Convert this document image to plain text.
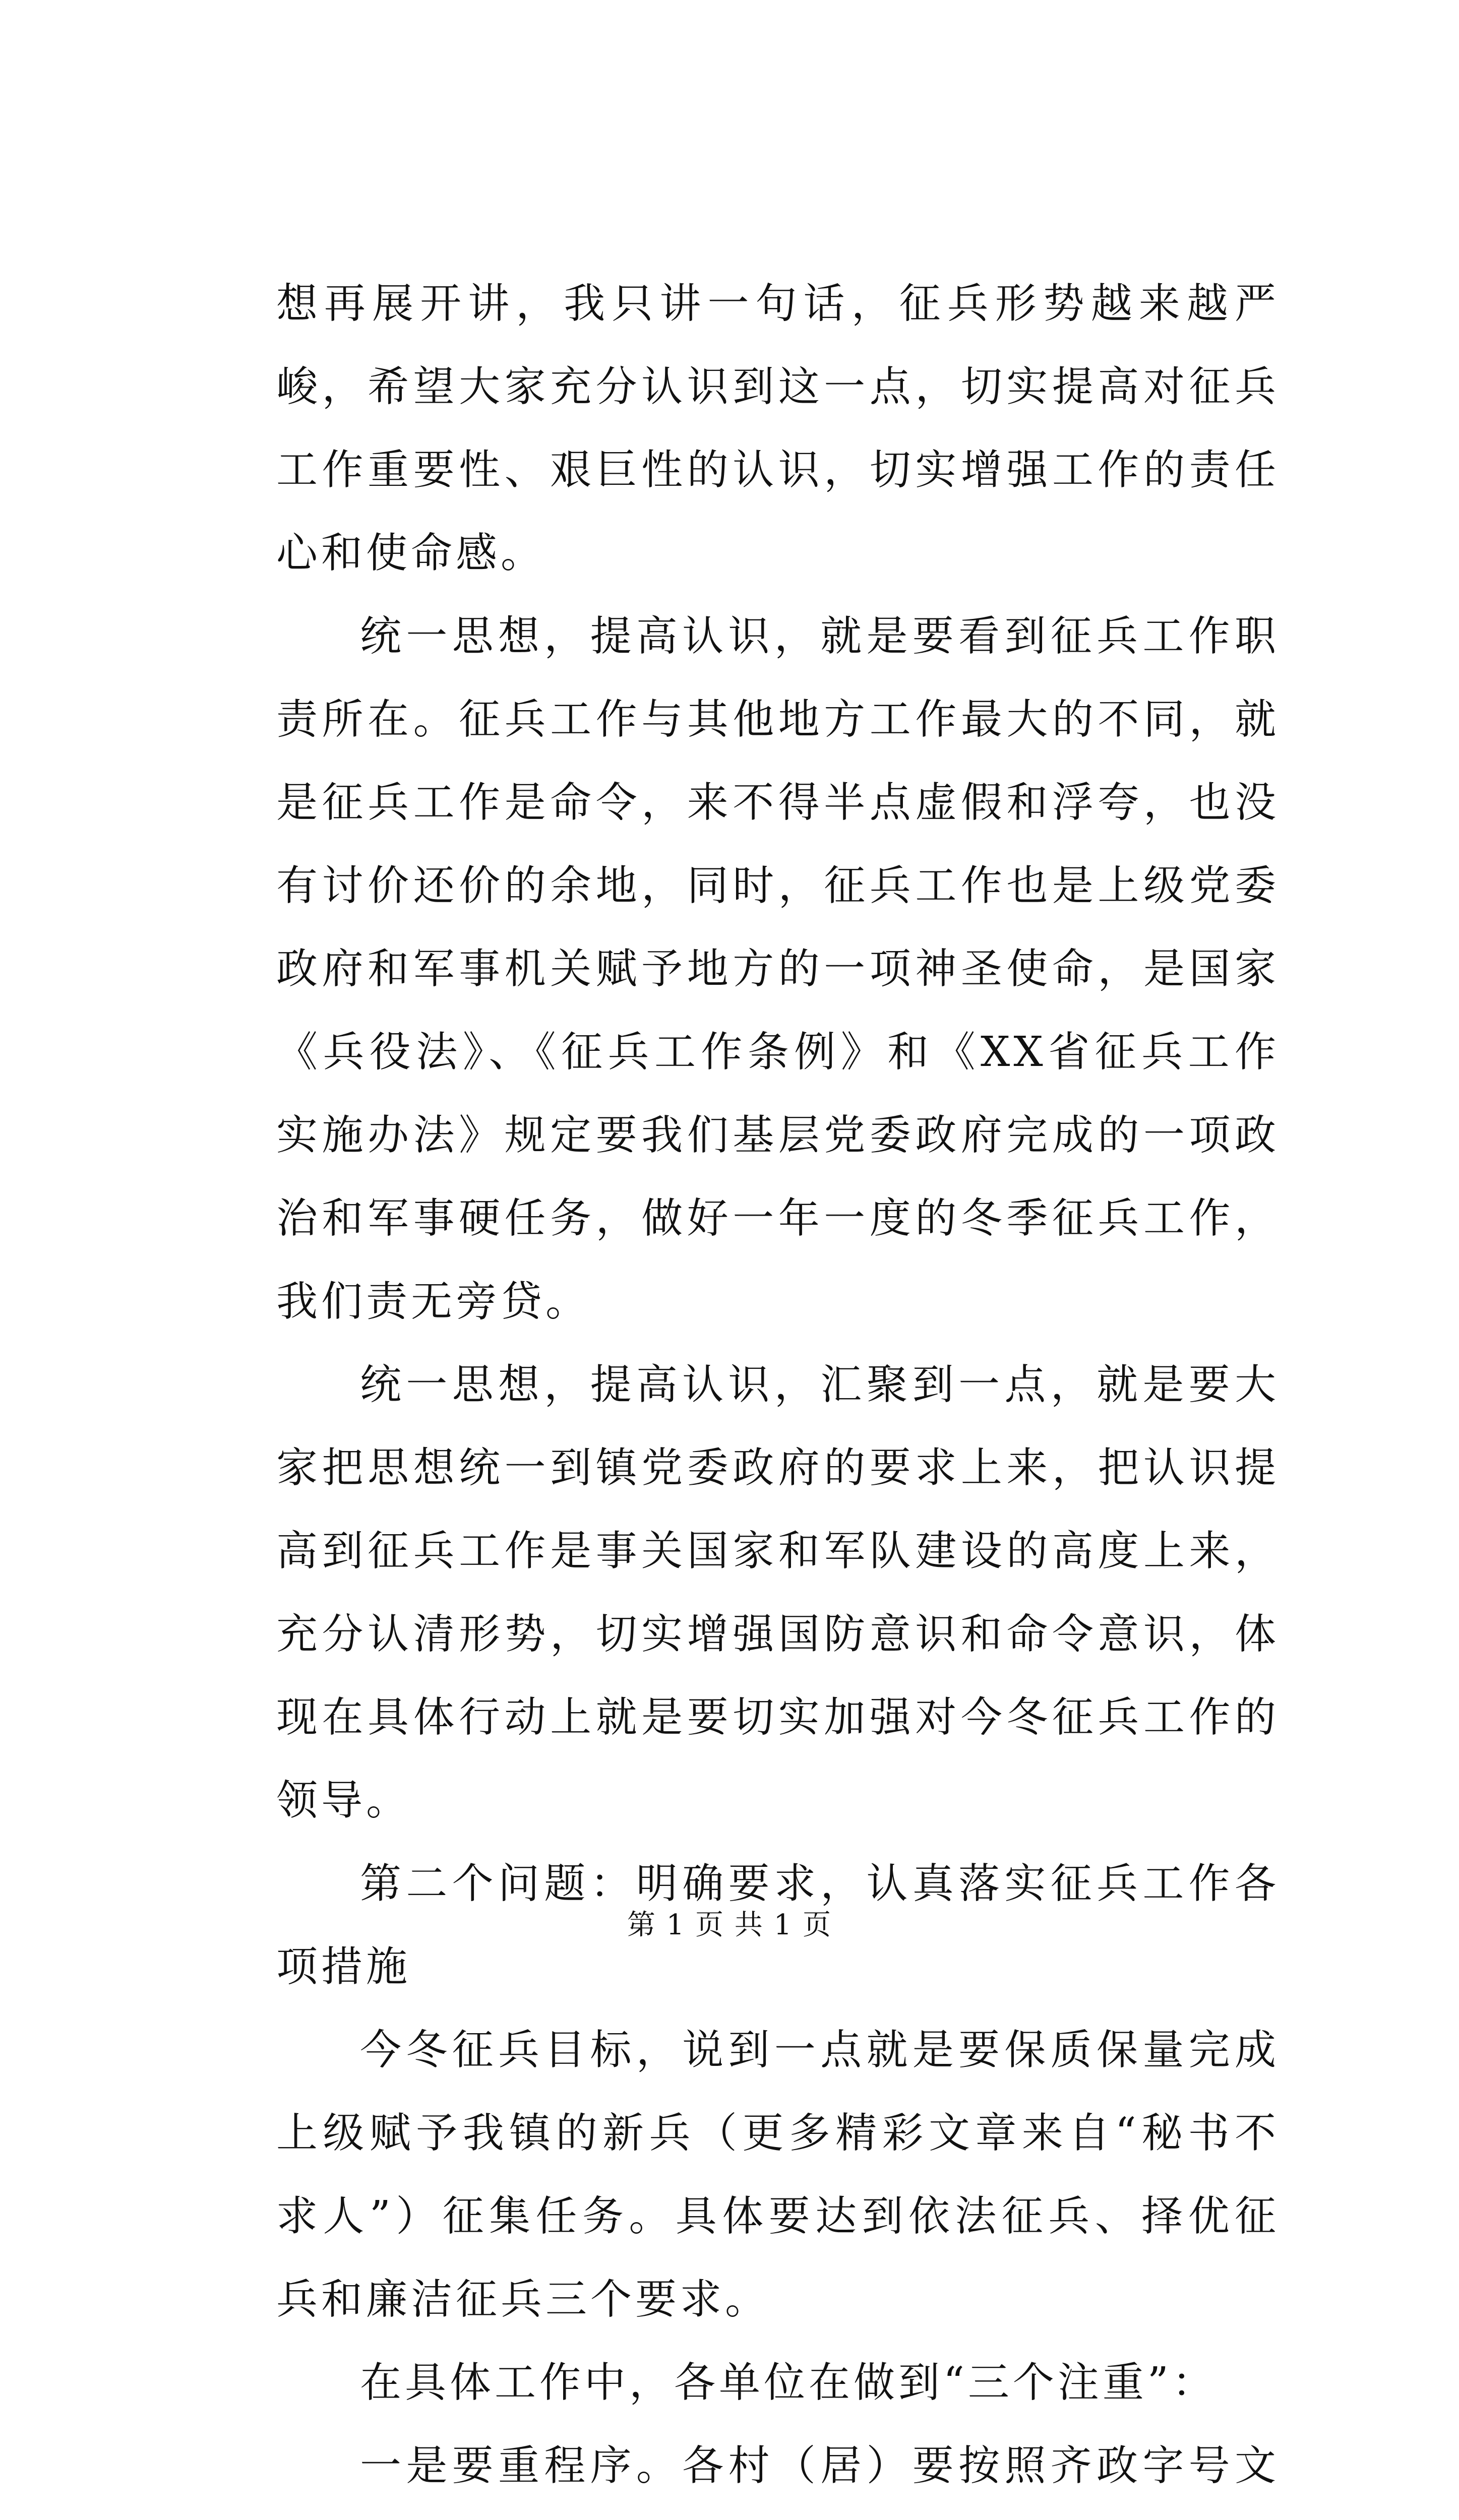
想再展开讲，我只讲一句话，征兵形势越来越严峻，希望大家充分认识到这一点，切实提高对征兵工作重要性、艰巨性的认识，切实增强工作的责任心和使命感。

统一思想，提高认识，就是要看到征兵工作职责所在。征兵工作与其他地方工作最大的不同，就是征兵工作是命令，来不得半点虚假和浮夸，也没有讨价还价的余地，同时，征兵工作也是上级党委政府和军事机关赋予地方的一项神圣使命，是国家《兵役法》、《征兵工作条例》和《XX省征兵工作实施办法》规定要我们基层党委政府完成的一项政治和军事硬任务，做好一年一度的冬季征兵工作，我们责无旁贷。

统一思想，提高认识，汇聚到一点，就是要大家把思想统一到镇党委政府的要求上来，把认识提高到征兵工作是事关国家和军队建设的高度上来，充分认清形势，切实增强国防意识和命令意识，体现在具体行动上就是要切实加强对今冬征兵工作的领导。

第二个问题：明确要求，认真落实征兵工作各项措施

今冬征兵目标，说到一点就是要保质保量完成上级赋予我镇的新兵（更多精彩文章来自“秘书不求人”）征集任务。具体要达到依法征兵、择优征兵和廉洁征兵三个要求。

在具体工作中，各单位在做到“三个注重”：

一是要重程序。各村（居）要按照齐政字号文

第 1 页 共 1 页
